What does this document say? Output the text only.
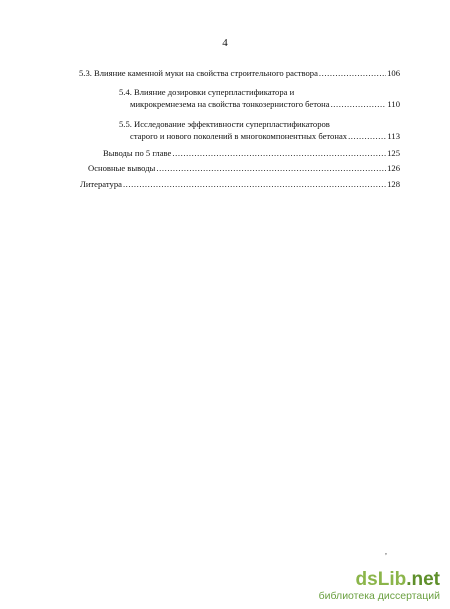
4
5.3. Влияние каменной муки на свойства строительного раствора .....	106
5.4. Влияние дозировки суперпластификатора и
микрокремнезема на свойства тонкозернистого бетона .....	110
5.5. Исследование эффективности суперпластификаторов
старого и нового поколений в многокомпонентных бетонах .....	113
Выводы по 5 главе .....	125
Основные выводы .....	126
Литература .....	128
,
dsLib.net
библиотека диссертаций
